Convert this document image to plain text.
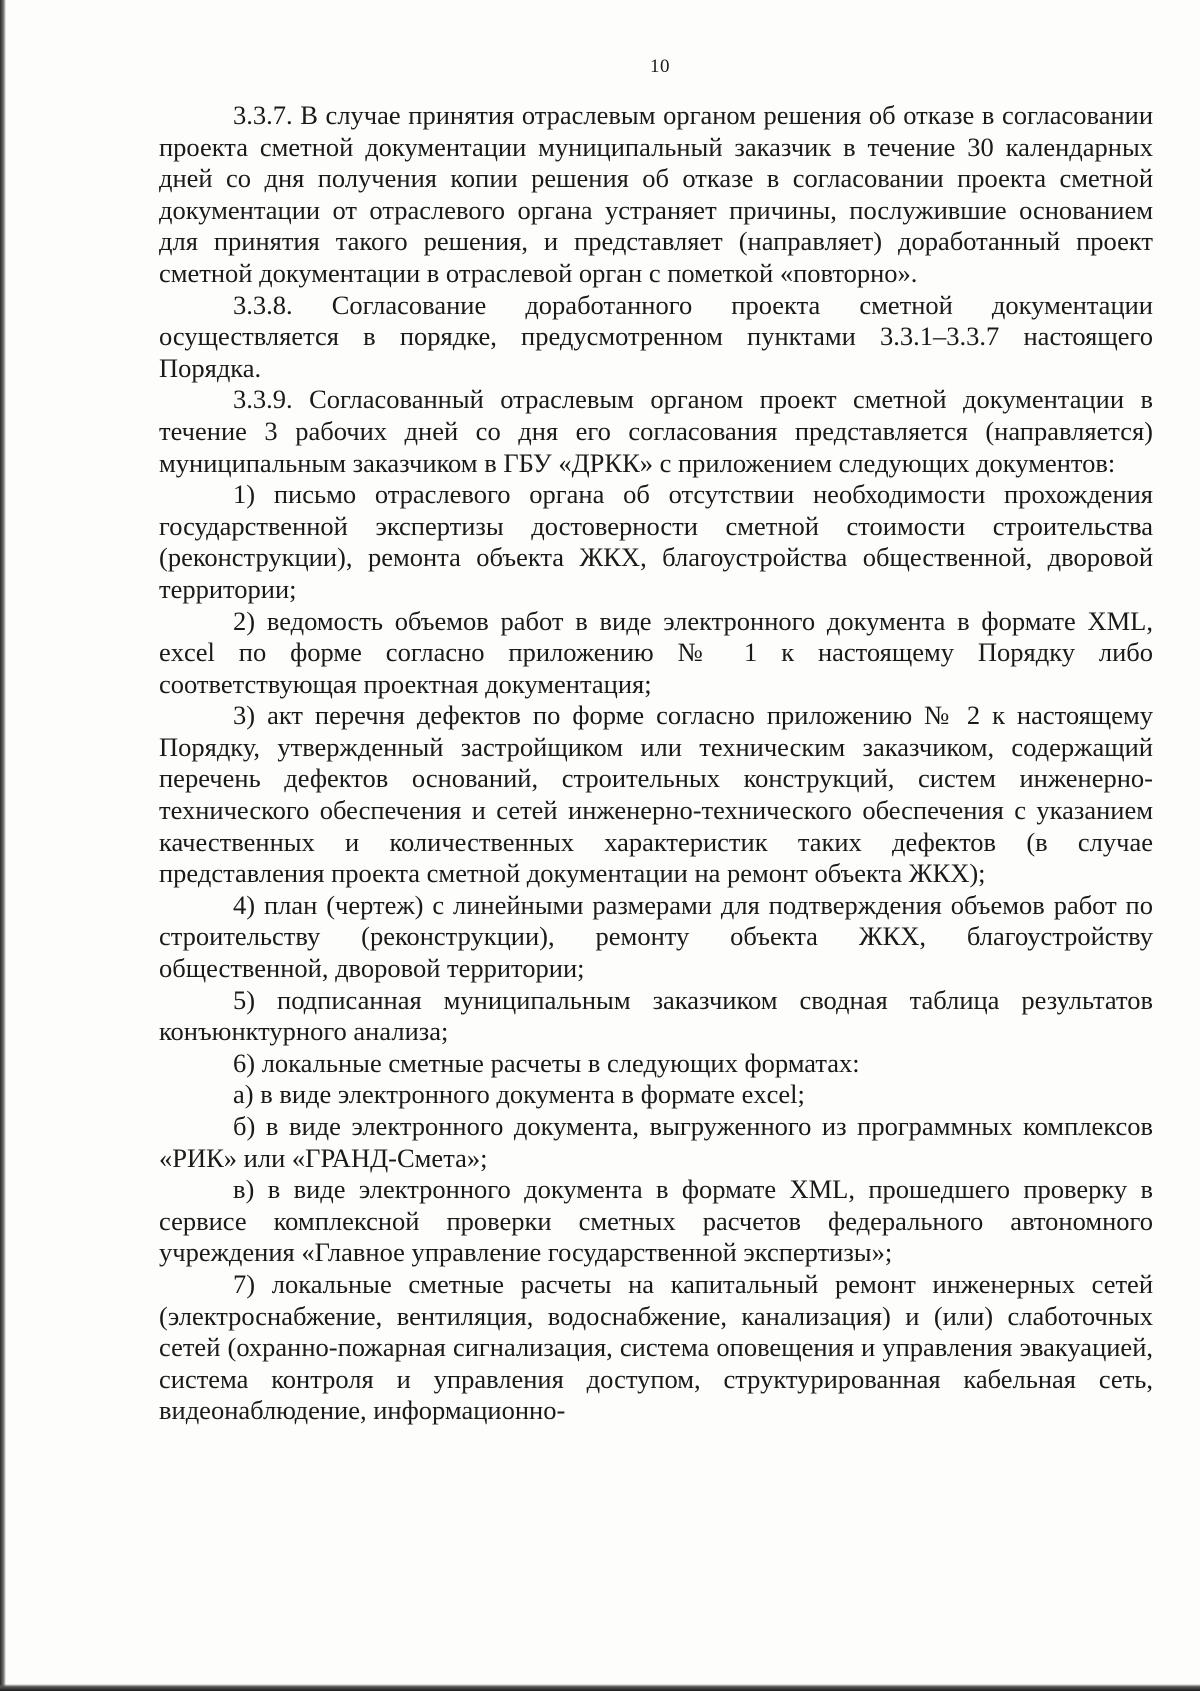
10

3.3.7. В случае принятия отраслевым органом решения об отказе в согласовании проекта сметной документации муниципальный заказчик в течение 30 календарных дней со дня получения копии решения об отказе в согласовании проекта сметной документации от отраслевого органа устраняет причины, послужившие основанием для принятия такого решения, и представляет (направляет) доработанный проект сметной документации в отраслевой орган с пометкой «повторно».

3.3.8. Согласование доработанного проекта сметной документации осуществляется в порядке, предусмотренном пунктами 3.3.1–3.3.7 настоящего Порядка.

3.3.9. Согласованный отраслевым органом проект сметной документации в течение 3 рабочих дней со дня его согласования представляется (направляется) муниципальным заказчиком в ГБУ «ДРКК» с приложением следующих документов:

1) письмо отраслевого органа об отсутствии необходимости прохождения государственной экспертизы достоверности сметной стоимости строительства (реконструкции), ремонта объекта ЖКХ, благоустройства общественной, дворовой территории;

2) ведомость объемов работ в виде электронного документа в формате XML, excel по форме согласно приложению № 1 к настоящему Порядку либо соответствующая проектная документация;

3) акт перечня дефектов по форме согласно приложению № 2 к настоящему Порядку, утвержденный застройщиком или техническим заказчиком, содержащий перечень дефектов оснований, строительных конструкций, систем инженерно-технического обеспечения и сетей инженерно-технического обеспечения с указанием качественных и количественных характеристик таких дефектов (в случае представления проекта сметной документации на ремонт объекта ЖКХ);

4) план (чертеж) с линейными размерами для подтверждения объемов работ по строительству (реконструкции), ремонту объекта ЖКХ, благоустройству общественной, дворовой территории;

5) подписанная муниципальным заказчиком сводная таблица результатов конъюнктурного анализа;

6) локальные сметные расчеты в следующих форматах:

а) в виде электронного документа в формате excel;

б) в виде электронного документа, выгруженного из программных комплексов «РИК» или «ГРАНД-Смета»;

в) в виде электронного документа в формате XML, прошедшего проверку в сервисе комплексной проверки сметных расчетов федерального автономного учреждения «Главное управление государственной экспертизы»;

7) локальные сметные расчеты на капитальный ремонт инженерных сетей (электроснабжение, вентиляция, водоснабжение, канализация) и (или) слаботочных сетей (охранно-пожарная сигнализация, система оповещения и управления эвакуацией, система контроля и управления доступом, структурированная кабельная сеть, видеонаблюдение, информационно-
